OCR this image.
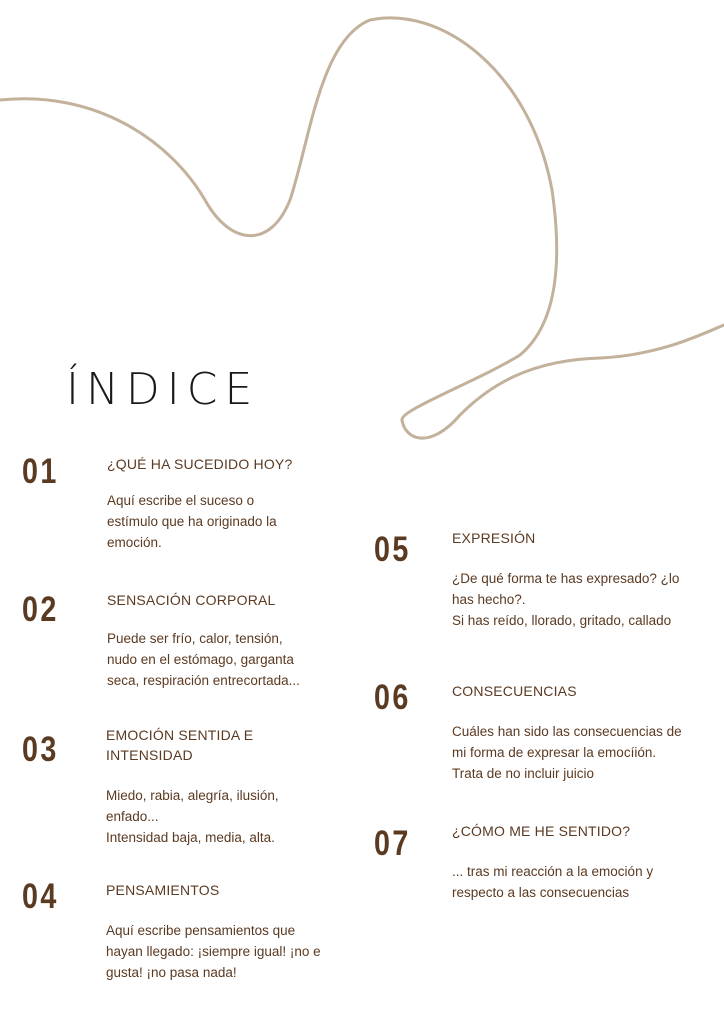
ÍNDICE
01	¿QUÉ HA SUCEDIDO HOY?
Aquí escribe el suceso o
estímulo que ha originado la
emoción.
02	SENSACIÓN CORPORAL
Puede ser frío, calor, tensión,
nudo en el estómago, garganta
seca, respiración entrecortada...
03	EMOCIÓN SENTIDA E
INTENSIDAD
Miedo, rabia, alegría, ilusión,
enfado...
Intensidad baja, media, alta.
04	PENSAMIENTOS
Aquí escribe pensamientos que
hayan llegado: ¡siempre igual! ¡no e
gusta! ¡no pasa nada!
05	EXPRESIÓN
¿De qué forma te has expresado? ¿lo
has hecho?.
Si has reído, llorado, gritado, callado
06	CONSECUENCIAS
Cuáles han sido las consecuencias de
mi forma de expresar la emocíión.
Trata de no incluir juicio
07	¿CÓMO ME HE SENTIDO?
... tras mi reacción a la emoción y
respecto a las consecuencias
